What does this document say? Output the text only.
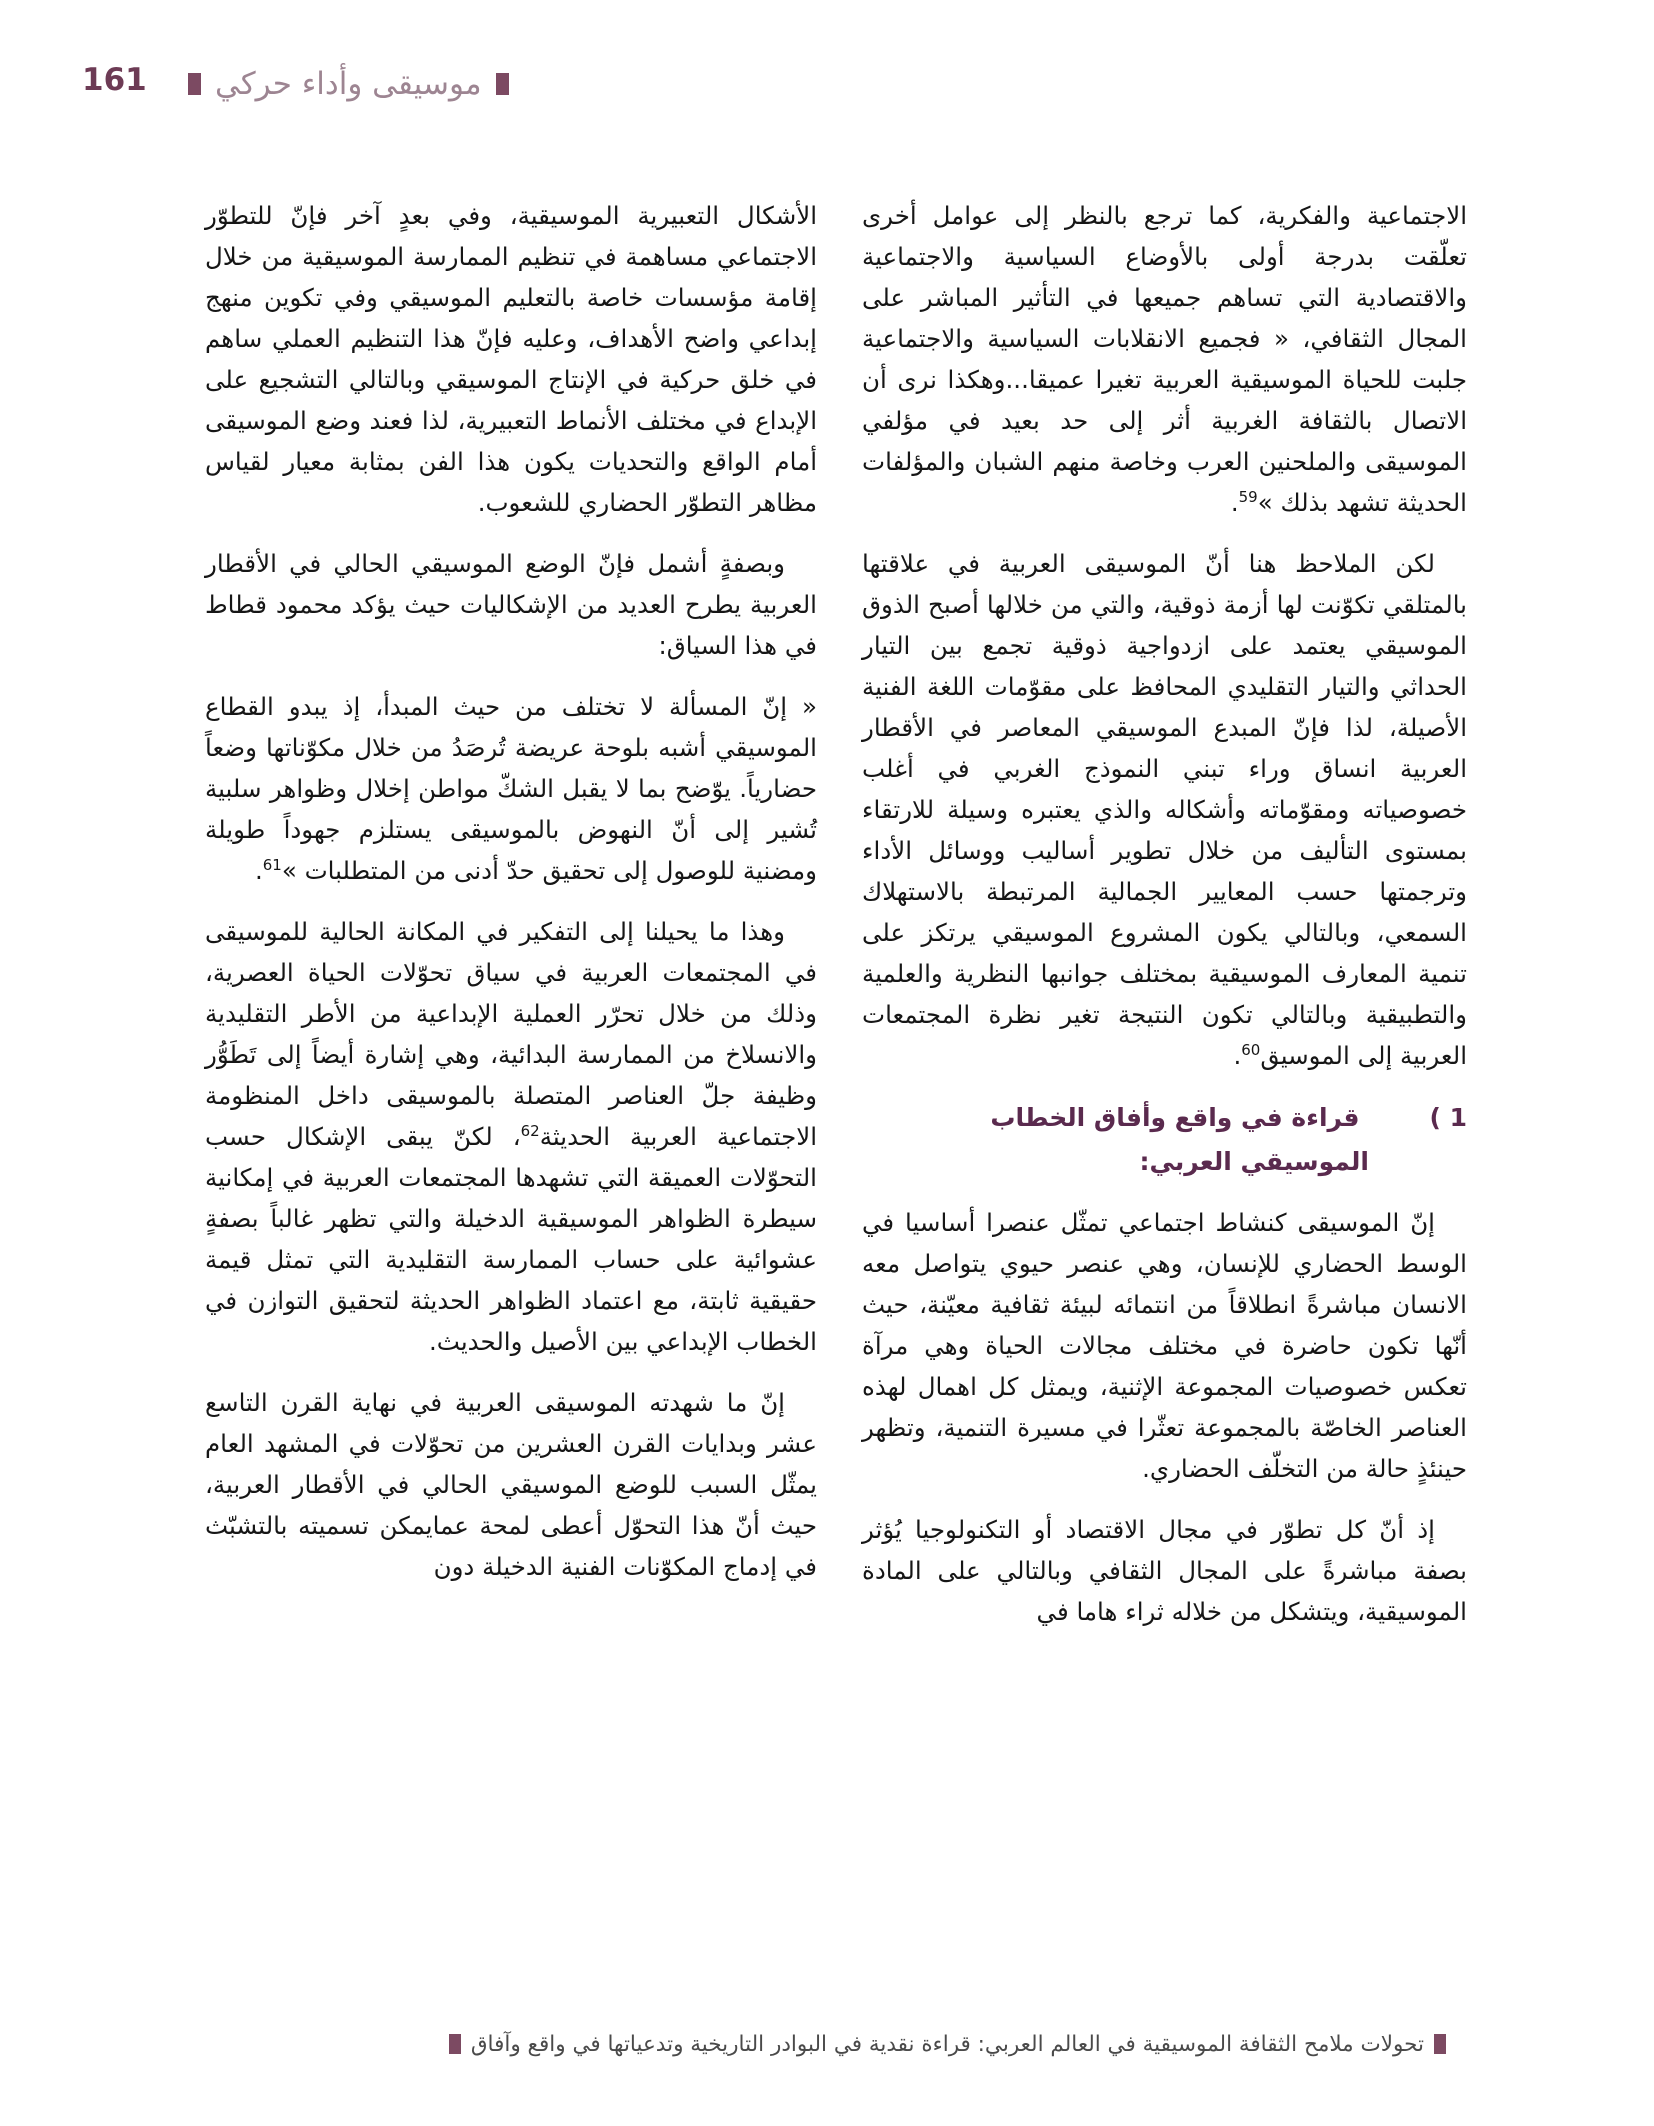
161 موسيقى وأداء حركي

الاجتماعية والفكرية، كما ترجع بالنظر إلى عوامل أخرى تعلّقت بدرجة أولى بالأوضاع السياسية والاجتماعية والاقتصادية التي تساهم جميعها في التأثير المباشر على المجال الثقافي، « فجميع الانقلابات السياسية والاجتماعية جلبت للحياة الموسيقية العربية تغيرا عميقا...وهكذا نرى أن الاتصال بالثقافة الغربية أثر إلى حد بعيد في مؤلفي الموسيقى والملحنين العرب وخاصة منهم الشبان والمؤلفات الحديثة تشهد بذلك »$^{59}$.

لكن الملاحظ هنا أنّ الموسيقى العربية في علاقتها بالمتلقي تكوّنت لها أزمة ذوقية، والتي من خلالها أصبح الذوق الموسيقي يعتمد على ازدواجية ذوقية تجمع بين التيار الحداثي والتيار التقليدي المحافظ على مقوّمات اللغة الفنية الأصيلة، لذا فإنّ المبدع الموسيقي المعاصر في الأقطار العربية انساق وراء تبني النموذج الغربي في أغلب خصوصياته ومقوّماته وأشكاله والذي يعتبره وسيلة للارتقاء بمستوى التأليف من خلال تطوير أساليب ووسائل الأداء وترجمتها حسب المعايير الجمالية المرتبطة بالاستهلاك السمعي، وبالتالي يكون المشروع الموسيقي يرتكز على تنمية المعارف الموسيقية بمختلف جوانبها النظرية والعلمية والتطبيقية وبالتالي تكون النتيجة تغير نظرة المجتمعات العربية إلى الموسيق$^{60}$.

1 )قراءة في واقع وأفاق الخطاب
الموسيقي العربي:

إنّ الموسيقى كنشاط اجتماعي تمثّل عنصرا أساسيا في الوسط الحضاري للإنسان، وهي عنصر حيوي يتواصل معه الانسان مباشرةً انطلاقاً من انتمائه لبيئة ثقافية معيّنة، حيث أنّها تكون حاضرة في مختلف مجالات الحياة وهي مرآة تعكس خصوصيات المجموعة الإثنية، ويمثل كل اهمال لهذه العناصر الخاصّة بالمجموعة تعثّرا في مسيرة التنمية، وتظهر حينئذٍ حالة من التخلّف الحضاري.

إذ أنّ كل تطوّر في مجال الاقتصاد أو التكنولوجيا يُؤثر بصفة مباشرةً على المجال الثقافي وبالتالي على المادة الموسيقية، ويتشكل من خلاله ثراء هاما في

الأشكال التعبيرية الموسيقية، وفي بعدٍ آخر فإنّ للتطوّر الاجتماعي مساهمة في تنظيم الممارسة الموسيقية من خلال إقامة مؤسسات خاصة بالتعليم الموسيقي وفي تكوين منهج إبداعي واضح الأهداف، وعليه فإنّ هذا التنظيم العملي ساهم في خلق حركية في الإنتاج الموسيقي وبالتالي التشجيع على الإبداع في مختلف الأنماط التعبيرية، لذا فعند وضع الموسيقى أمام الواقع والتحديات يكون هذا الفن بمثابة معيار لقياس مظاهر التطوّر الحضاري للشعوب.

وبصفةٍ أشمل فإنّ الوضع الموسيقي الحالي في الأقطار العربية يطرح العديد من الإشكاليات حيث يؤكد محمود قطاط في هذا السياق:

« إنّ المسألة لا تختلف من حيث المبدأ، إذ يبدو القطاع الموسيقي أشبه بلوحة عريضة تُرصَدُ من خلال مكوّناتها وضعاً حضارياً. يوّضح بما لا يقبل الشكّ مواطن إخلال وظواهر سلبية تُشير إلى أنّ النهوض بالموسيقى يستلزم جهوداً طويلة ومضنية للوصول إلى تحقيق حدّ أدنى من المتطلبات »$^{61}$.

وهذا ما يحيلنا إلى التفكير في المكانة الحالية للموسيقى في المجتمعات العربية في سياق تحوّلات الحياة العصرية، وذلك من خلال تحرّر العملية الإبداعية من الأطر التقليدية والانسلاخ من الممارسة البدائية، وهي إشارة أيضاً إلى تَطَوُّر وظيفة جلّ العناصر المتصلة بالموسيقى داخل المنظومة الاجتماعية العربية الحديثة$^{62}$، لكنّ يبقى الإشكال حسب التحوّلات العميقة التي تشهدها المجتمعات العربية في إمكانية سيطرة الظواهر الموسيقية الدخيلة والتي تظهر غالباً بصفةٍ عشوائية على حساب الممارسة التقليدية التي تمثل قيمة حقيقية ثابتة، مع اعتماد الظواهر الحديثة لتحقيق التوازن في الخطاب الإبداعي بين الأصيل والحديث.

إنّ ما شهدته الموسيقى العربية في نهاية القرن التاسع عشر وبدايات القرن العشرين من تحوّلات في المشهد العام يمثّل السبب للوضع الموسيقي الحالي في الأقطار العربية، حيث أنّ هذا التحوّل أعطى لمحة عمايمكن تسميته بالتشبّث في إدماج المكوّنات الفنية الدخيلة دون

تحولات ملامح الثقافة الموسيقية في العالم العربي: قراءة نقدية في البوادر التاريخية وتدعياتها في واقع وآفاق
